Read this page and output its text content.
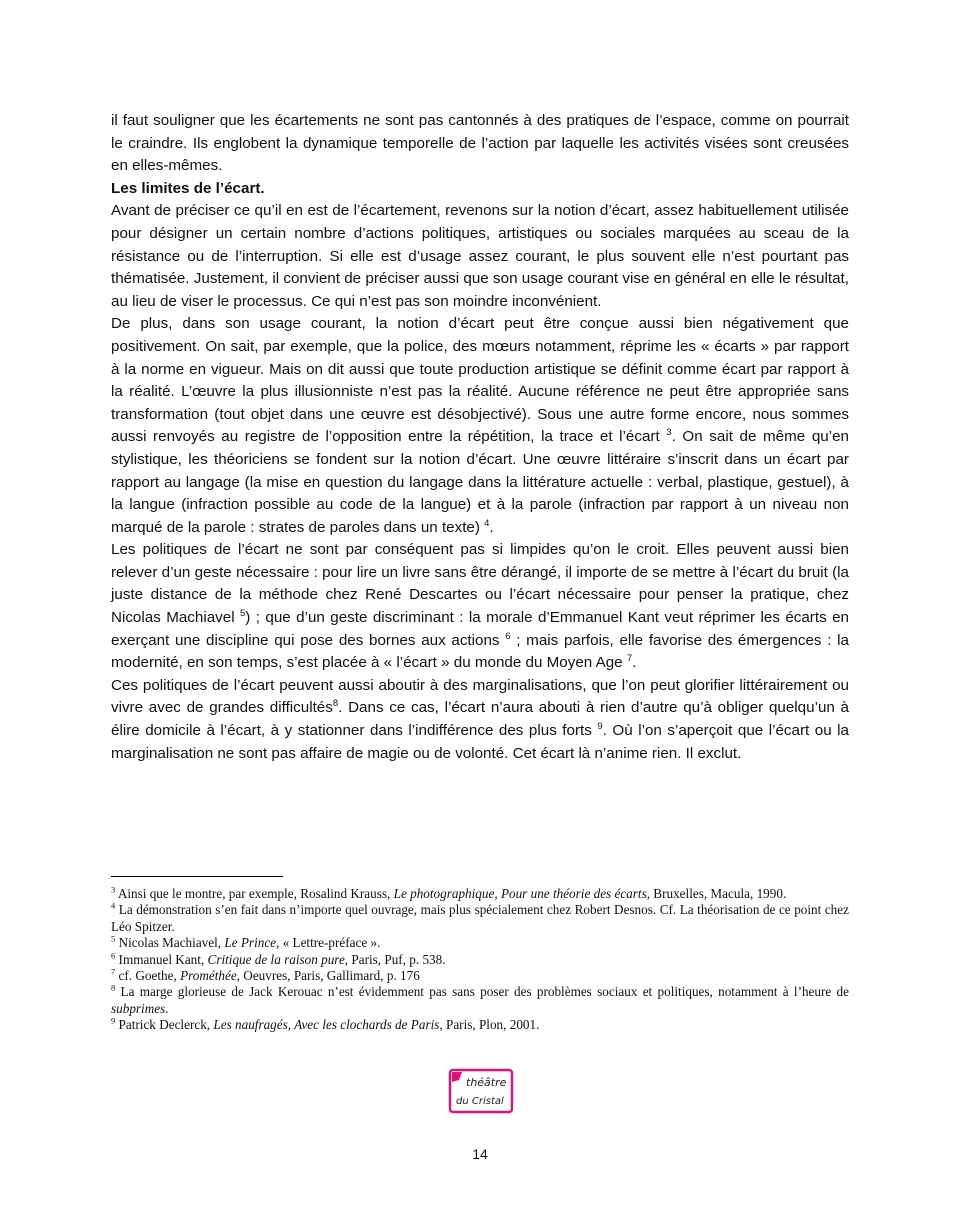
il faut souligner que les écartements ne sont pas cantonnés à des pratiques de l’espace, comme on pourrait le craindre. Ils englobent la dynamique temporelle de l’action par laquelle les activités visées sont creusées en elles-mêmes.

Les limites de l’écart.

Avant de préciser ce qu’il en est de l’écartement, revenons sur la notion d’écart, assez habituellement utilisée pour désigner un certain nombre d’actions politiques, artistiques ou sociales marquées au sceau de la résistance ou de l’interruption. Si elle est d’usage assez courant, le plus souvent elle n’est pourtant pas thématisée. Justement, il convient de préciser aussi que son usage courant vise en général en elle le résultat, au lieu de viser le processus. Ce qui n’est pas son moindre inconvénient.

De plus, dans son usage courant, la notion d’écart peut être conçue aussi bien négativement que positivement. On sait, par exemple, que la police, des mœurs notamment, réprime les « écarts » par rapport à la norme en vigueur. Mais on dit aussi que toute production artistique se définit comme écart par rapport à la réalité. L’œuvre la plus illusionniste n’est pas la réalité. Aucune référence ne peut être appropriée sans transformation (tout objet dans une œuvre est désobjectivé). Sous une autre forme encore, nous sommes aussi renvoyés au registre de l’opposition entre la répétition, la trace et l’écart $^3$. On sait de même qu’en stylistique, les théoriciens se fondent sur la notion d’écart. Une œuvre littéraire s’inscrit dans un écart par rapport au langage (la mise en question du langage dans la littérature actuelle : verbal, plastique, gestuel), à la langue (infraction possible au code de la langue) et à la parole (infraction par rapport à un niveau non marqué de la parole : strates de paroles dans un texte) $^4$.

Les politiques de l’écart ne sont par conséquent pas si limpides qu’on le croit. Elles peuvent aussi bien relever d’un geste nécessaire : pour lire un livre sans être dérangé, il importe de se mettre à l’écart du bruit (la juste distance de la méthode chez René Descartes ou l’écart nécessaire pour penser la pratique, chez Nicolas Machiavel $^5$) ; que d’un geste discriminant : la morale d’Emmanuel Kant veut réprimer les écarts en exerçant une discipline qui pose des bornes aux actions $^6$ ; mais parfois, elle favorise des émergences : la modernité, en son temps, s’est placée à « l’écart » du monde du Moyen Age $^7$.

Ces politiques de l’écart peuvent aussi aboutir à des marginalisations, que l’on peut glorifier littérairement ou vivre avec de grandes difficultés$^8$. Dans ce cas, l’écart n’aura abouti à rien d’autre qu’à obliger quelqu’un à élire domicile à l’écart, à y stationner dans l’indifférence des plus forts $^9$. Où l’on s’aperçoit que l’écart ou la marginalisation ne sont pas affaire de magie ou de volonté. Cet écart là n’anime rien. Il exclut.

$^3$ Ainsi que le montre, par exemple, Rosalind Krauss, Le photographique, Pour une théorie des écarts, Bruxelles, Macula, 1990.

$^4$ La démonstration s’en fait dans n’importe quel ouvrage, mais plus spécialement chez Robert Desnos. Cf. La théorisation de ce point chez Léo Spitzer.

$^5$ Nicolas Machiavel, Le Prince, « Lettre-préface ».

$^6$ Immanuel Kant, Critique de la raison pure, Paris, Puf, p. 538.

$^7$ cf. Goethe, Prométhée, Oeuvres, Paris, Gallimard, p. 176

$^8$ La marge glorieuse de Jack Kerouac n’est évidemment pas sans poser des problèmes sociaux et politiques, notamment à l’heure de subprimes.

$^9$ Patrick Declerck, Les naufragés, Avec les clochards de Paris, Paris, Plon, 2001.

théâtre
du Cristal
14
